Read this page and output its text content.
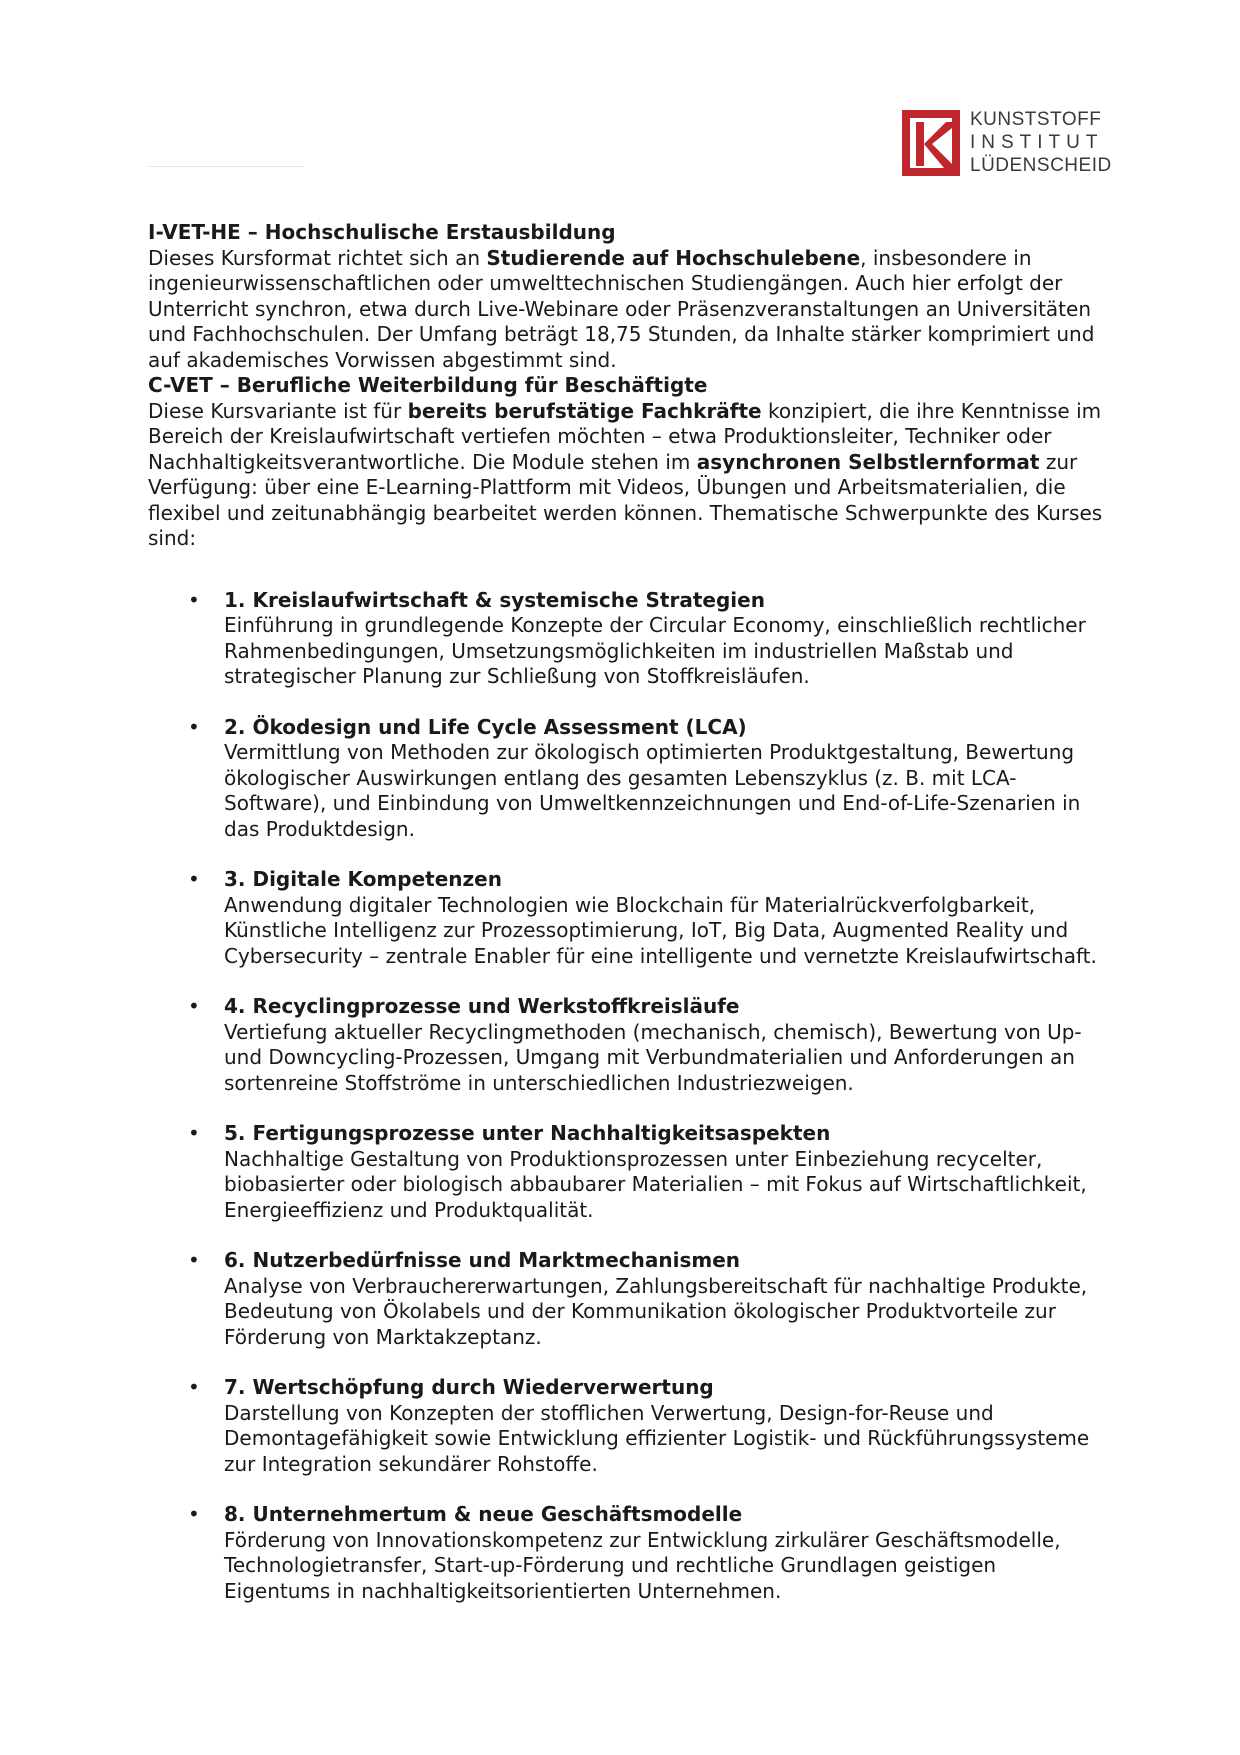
KUNSTSTOFF
INSTITUT
LÜDENSCHEID

I-VET-HE – Hochschulische Erstausbildung

Dieses Kursformat richtet sich an Studierende auf Hochschulebene, insbesondere in ingenieurwissenschaftlichen oder umwelttechnischen Studiengängen. Auch hier erfolgt der Unterricht synchron, etwa durch Live-Webinare oder Präsenzveranstaltungen an Universitäten und Fachhochschulen. Der Umfang beträgt 18,75 Stunden, da Inhalte stärker komprimiert und auf akademisches Vorwissen abgestimmt sind.

C-VET – Berufliche Weiterbildung für Beschäftigte

Diese Kursvariante ist für bereits berufstätige Fachkräfte konzipiert, die ihre Kenntnisse im Bereich der Kreislaufwirtschaft vertiefen möchten – etwa Produktionsleiter, Techniker oder Nachhaltigkeitsverantwortliche. Die Module stehen im asynchronen Selbstlernformat zur Verfügung: über eine E-Learning-Plattform mit Videos, Übungen und Arbeitsmaterialien, die flexibel und zeitunabhängig bearbeitet werden können. Thematische Schwerpunkte des Kurses sind:

• 1. Kreislaufwirtschaft & systemische Strategien
Einführung in grundlegende Konzepte der Circular Economy, einschließlich rechtlicher Rahmenbedingungen, Umsetzungsmöglichkeiten im industriellen Maßstab und strategischer Planung zur Schließung von Stoffkreisläufen.
• 2. Ökodesign und Life Cycle Assessment (LCA)
Vermittlung von Methoden zur ökologisch optimierten Produktgestaltung, Bewertung ökologischer Auswirkungen entlang des gesamten Lebenszyklus (z. B. mit LCA-Software), und Einbindung von Umweltkennzeichnungen und End-of-Life-Szenarien in das Produktdesign.
• 3. Digitale Kompetenzen
Anwendung digitaler Technologien wie Blockchain für Materialrückverfolgbarkeit, Künstliche Intelligenz zur Prozessoptimierung, IoT, Big Data, Augmented Reality und Cybersecurity – zentrale Enabler für eine intelligente und vernetzte Kreislaufwirtschaft.
• 4. Recyclingprozesse und Werkstoffkreisläufe
Vertiefung aktueller Recyclingmethoden (mechanisch, chemisch), Bewertung von Up- und Downcycling-Prozessen, Umgang mit Verbundmaterialien und Anforderungen an sortenreine Stoffströme in unterschiedlichen Industriezweigen.
• 5. Fertigungsprozesse unter Nachhaltigkeitsaspekten
Nachhaltige Gestaltung von Produktionsprozessen unter Einbeziehung recycelter, biobasierter oder biologisch abbaubarer Materialien – mit Fokus auf Wirtschaftlichkeit, Energieeffizienz und Produktqualität.
• 6. Nutzerbedürfnisse und Marktmechanismen
Analyse von Verbrauchererwartungen, Zahlungsbereitschaft für nachhaltige Produkte, Bedeutung von Ökolabels und der Kommunikation ökologischer Produktvorteile zur Förderung von Marktakzeptanz.
• 7. Wertschöpfung durch Wiederverwertung
Darstellung von Konzepten der stofflichen Verwertung, Design-for-Reuse und Demontagefähigkeit sowie Entwicklung effizienter Logistik- und Rückführungssysteme zur Integration sekundärer Rohstoffe.
• 8. Unternehmertum & neue Geschäftsmodelle
Förderung von Innovationskompetenz zur Entwicklung zirkulärer Geschäftsmodelle, Technologietransfer, Start-up-Förderung und rechtliche Grundlagen geistigen Eigentums in nachhaltigkeitsorientierten Unternehmen.
